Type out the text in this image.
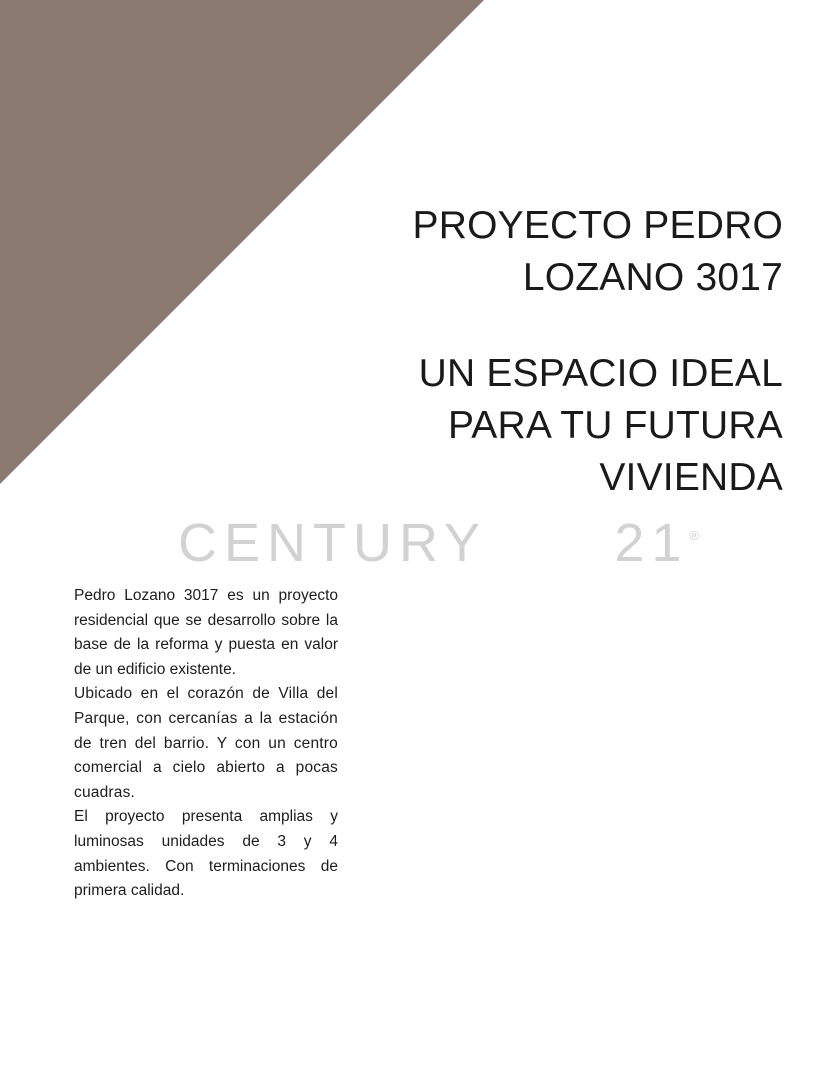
PROYECTO PEDRO
LOZANO 3017
UN ESPACIO IDEAL
PARA TU FUTURA
VIVIENDA
CENTURY 21®

Pedro Lozano 3017 es un proyecto residencial que se desarrollo sobre la base de la reforma y puesta en valor de un edificio existente.

Ubicado en el corazón de Villa del Parque, con cercanías a la estación de tren del barrio. Y con un centro comercial a cielo abierto a pocas cuadras.

El proyecto presenta amplias y luminosas unidades de 3 y 4 ambientes. Con terminaciones de primera calidad.
